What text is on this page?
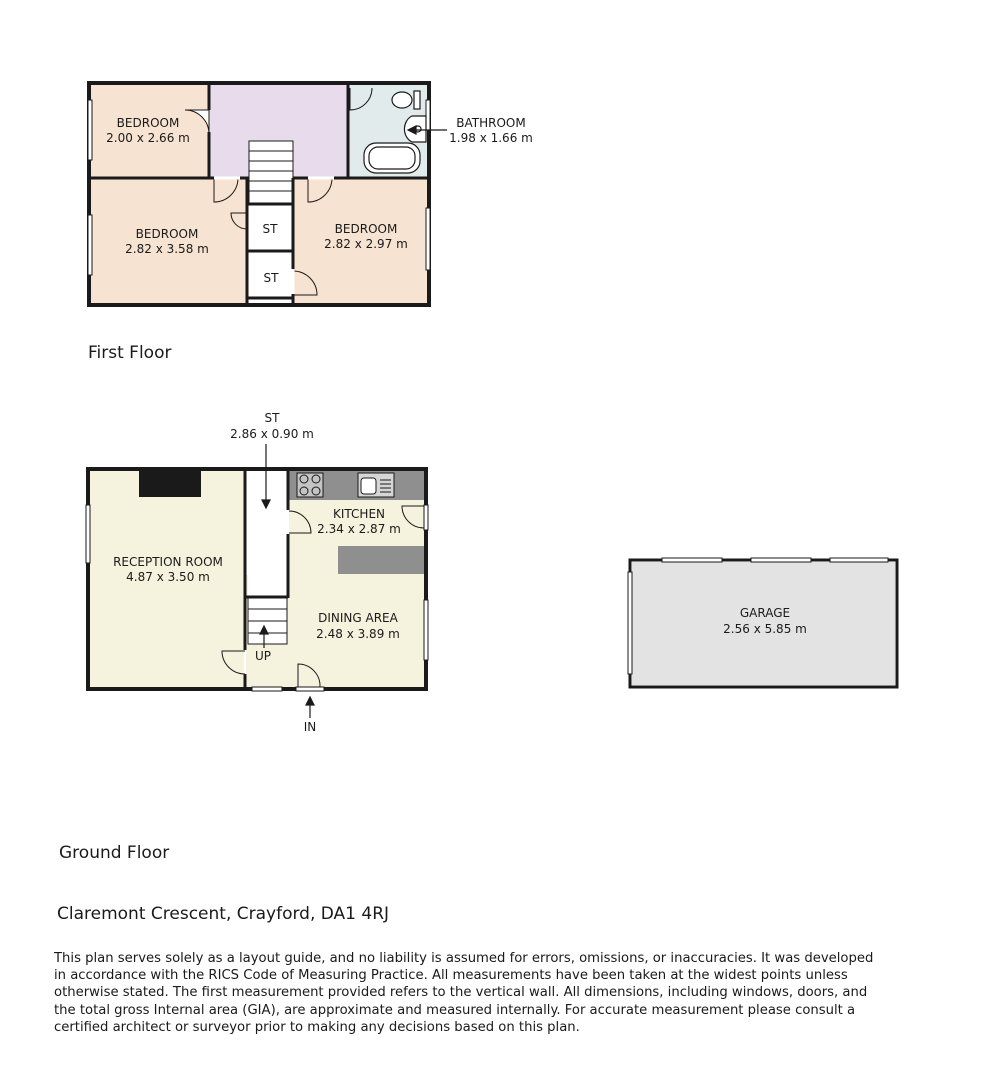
BEDROOM
2.00 x 2.66 m
BATHROOM
1.98 x 1.66 m
BEDROOM
2.82 x 3.58 m
BEDROOM
2.82 x 2.97 m
ST
ST
ST
2.86 x 0.90 m
RECEPTION ROOM
4.87 x 3.50 m
KITCHEN
2.34 x 2.87 m
DINING AREA
2.48 x 3.89 m
UP
IN
GARAGE
2.56 x 5.85 m
First Floor
Ground Floor
Claremont Crescent, Crayford, DA1 4RJ
This plan serves solely as a layout guide, and no liability is assumed for errors, omissions, or inaccuracies. It was developed in accordance with the RICS Code of Measuring Practice. All measurements have been taken at the widest points unless otherwise stated. The first measurement provided refers to the vertical wall. All dimensions, including windows, doors, and the total gross Internal area (GIA), are approximate and measured internally. For accurate measurement please consult a certified architect or surveyor prior to making any decisions based on this plan.
